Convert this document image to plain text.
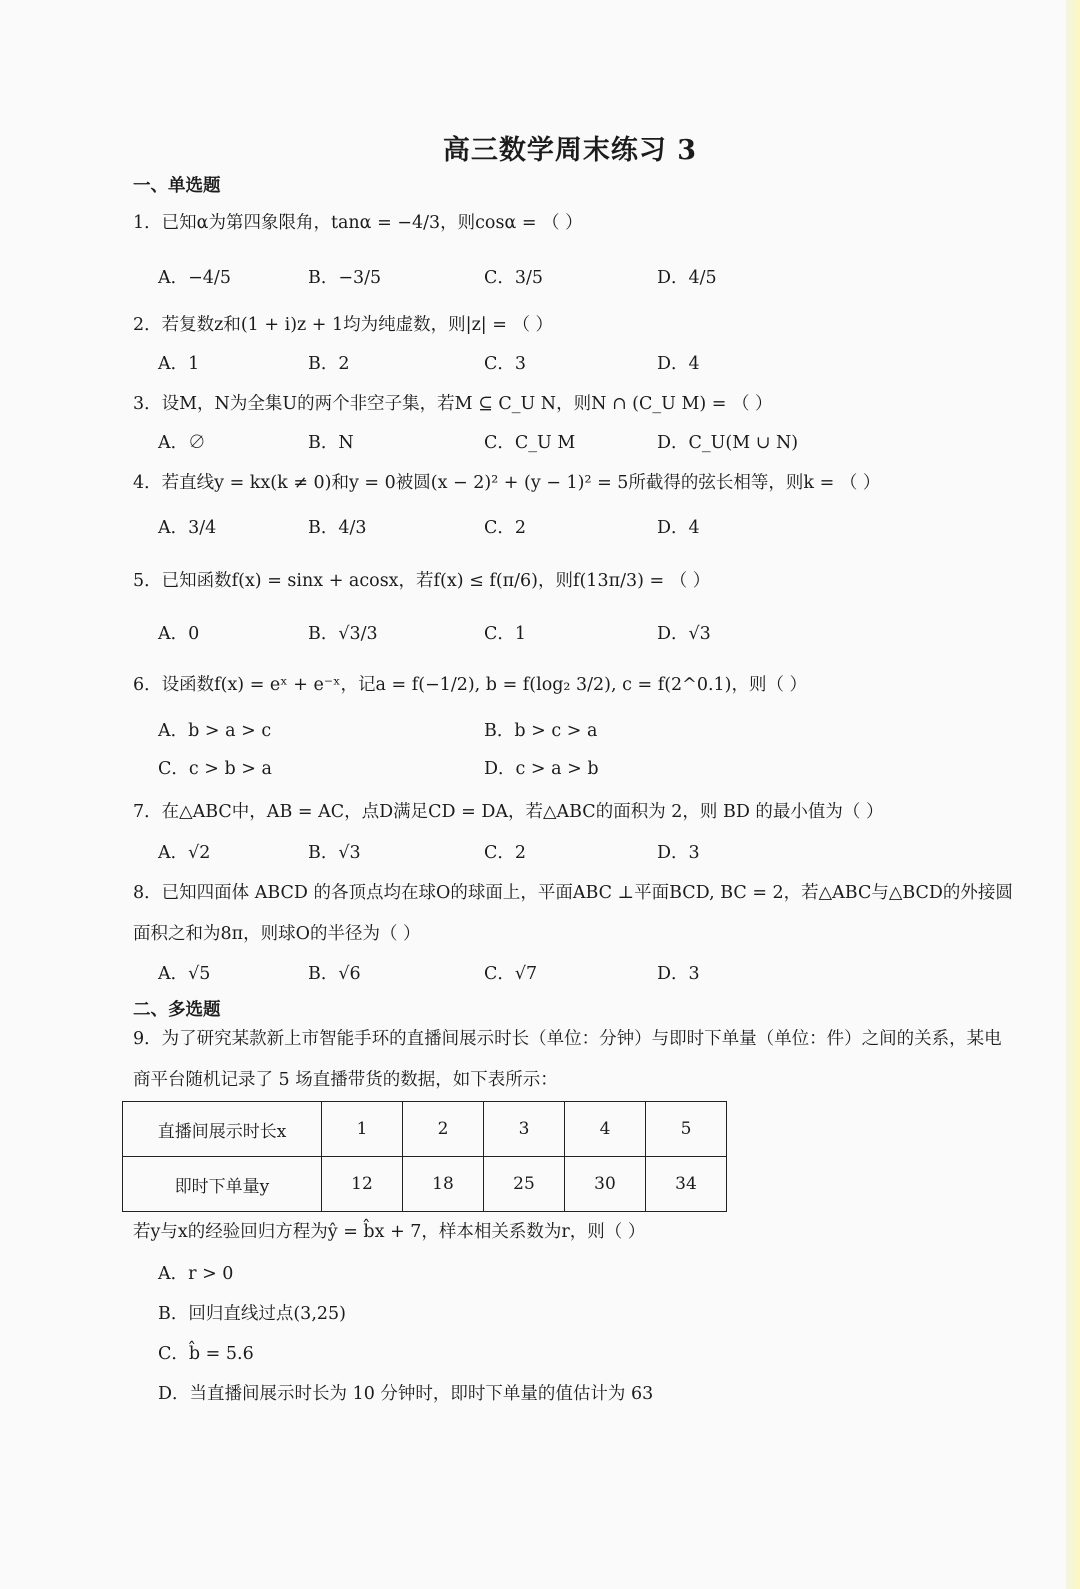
高三数学周末练习 3
一、单选题
1．已知α为第四象限角，tanα = −4/3，则cosα = （ ）
A．−4/5	B．−3/5	C．3/5	D．4/5
2．若复数z和(1 + i)z + 1均为纯虚数，则|z| = （ ）
A．1	B．2	C．3	D．4
3．设M，N为全集U的两个非空子集，若M ⊆ C_U N，则N ∩ (C_U M) = （ ）
A．∅	B．N	C．C_U M	D．C_U(M ∪ N)
4．若直线y = kx(k ≠ 0)和y = 0被圆(x − 2)² + (y − 1)² = 5所截得的弦长相等，则k = （ ）
A．3/4	B．4/3	C．2	D．4
5．已知函数f(x) = sinx + acosx，若f(x) ≤ f(π/6)，则f(13π/3) = （ ）
A．0	B．√3/3	C．1	D．√3
6．设函数f(x) = eˣ + e⁻ˣ，记a = f(−1/2), b = f(log₂ 3/2), c = f(2^0.1)，则（ ）
A．b > a > c	B．b > c > a
C．c > b > a	D．c > a > b
7．在△ABC中，AB = AC，点D满足CD = DA，若△ABC的面积为 2，则 BD 的最小值为（ ）
A．√2	B．√3	C．2	D．3
8．已知四面体 ABCD 的各顶点均在球O的球面上，平面ABC ⊥平面BCD, BC = 2，若△ABC与△BCD的外接圆面积之和为8π，则球O的半径为（ ）
A．√5	B．√6	C．√7	D．3
二、多选题
9．为了研究某款新上市智能手环的直播间展示时长（单位：分钟）与即时下单量（单位：件）之间的关系，某电商平台随机记录了 5 场直播带货的数据，如下表所示：
直播间展示时长x	1	2	3	4	5
即时下单量y	12	18	25	30	34
若y与x的经验回归方程为ŷ = b̂x + 7，样本相关系数为r，则（ ）
A．r > 0
B．回归直线过点(3,25)
C．b̂ = 5.6
D．当直播间展示时长为 10 分钟时，即时下单量的值估计为 63
